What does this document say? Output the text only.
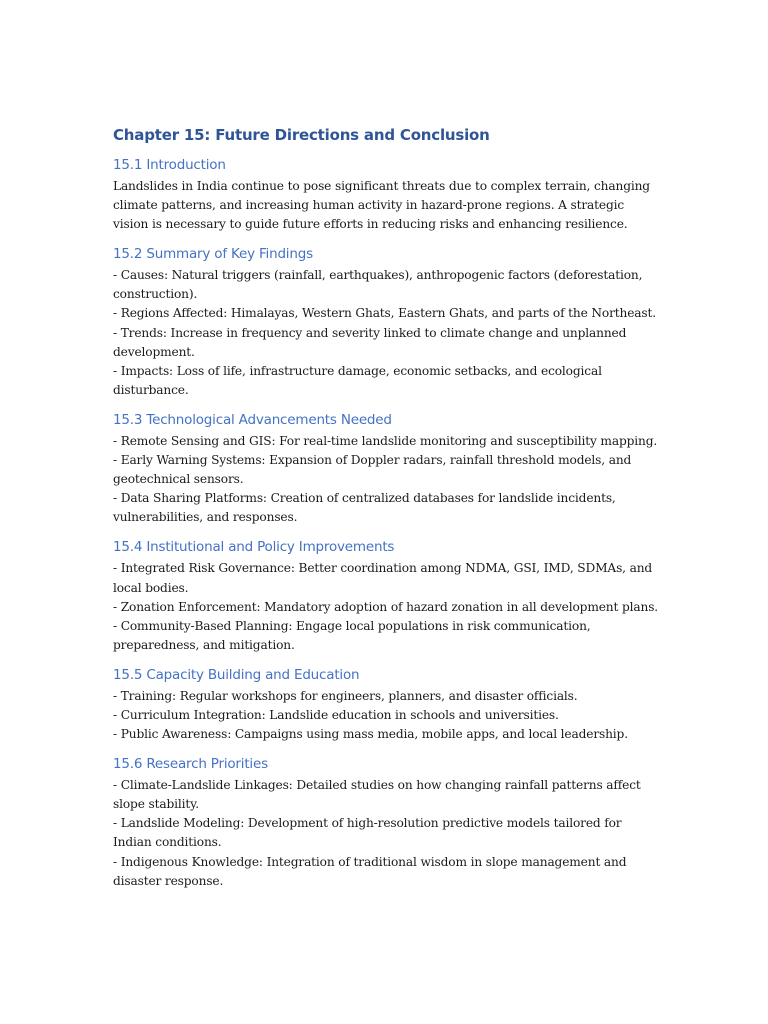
Chapter 15: Future Directions and Conclusion
15.1 Introduction

Landslides in India continue to pose significant threats due to complex terrain, changing climate patterns, and increasing human activity in hazard-prone regions. A strategic vision is necessary to guide future efforts in reducing risks and enhancing resilience.

15.2 Summary of Key Findings

- Causes: Natural triggers (rainfall, earthquakes), anthropogenic factors (deforestation, construction).
- Regions Affected: Himalayas, Western Ghats, Eastern Ghats, and parts of the Northeast.
- Trends: Increase in frequency and severity linked to climate change and unplanned development.
- Impacts: Loss of life, infrastructure damage, economic setbacks, and ecological disturbance.

15.3 Technological Advancements Needed

- Remote Sensing and GIS: For real-time landslide monitoring and susceptibility mapping.
- Early Warning Systems: Expansion of Doppler radars, rainfall threshold models, and geotechnical sensors.
- Data Sharing Platforms: Creation of centralized databases for landslide incidents, vulnerabilities, and responses.

15.4 Institutional and Policy Improvements

- Integrated Risk Governance: Better coordination among NDMA, GSI, IMD, SDMAs, and local bodies.
- Zonation Enforcement: Mandatory adoption of hazard zonation in all development plans.
- Community-Based Planning: Engage local populations in risk communication, preparedness, and mitigation.

15.5 Capacity Building and Education

- Training: Regular workshops for engineers, planners, and disaster officials.
- Curriculum Integration: Landslide education in schools and universities.
- Public Awareness: Campaigns using mass media, mobile apps, and local leadership.

15.6 Research Priorities

- Climate-Landslide Linkages: Detailed studies on how changing rainfall patterns affect slope stability.
- Landslide Modeling: Development of high-resolution predictive models tailored for Indian conditions.
- Indigenous Knowledge: Integration of traditional wisdom in slope management and disaster response.
